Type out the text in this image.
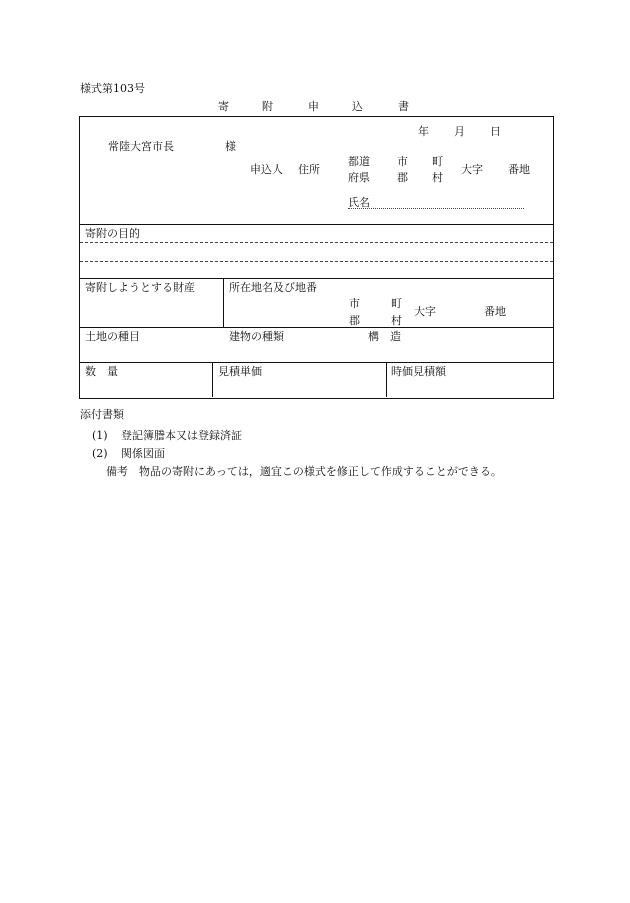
様式第103号
寄	附	申	込	書
年 月 日
常陸大宮市長	様
申込人 住所
都道
府県
市
郡
町
村
大字 番地
氏名
寄附の目的
寄附しようとする財産	所在地名及び地番
市
郡
町
村
大字	番地
土地の種目	建物の種類	構　造
数　量	見積単価	時価見積額
添付書類
(1) 登記簿謄本又は登録済証
(2) 関係図面
備考　物品の寄附にあっては，適宜この様式を修正して作成することができる。
